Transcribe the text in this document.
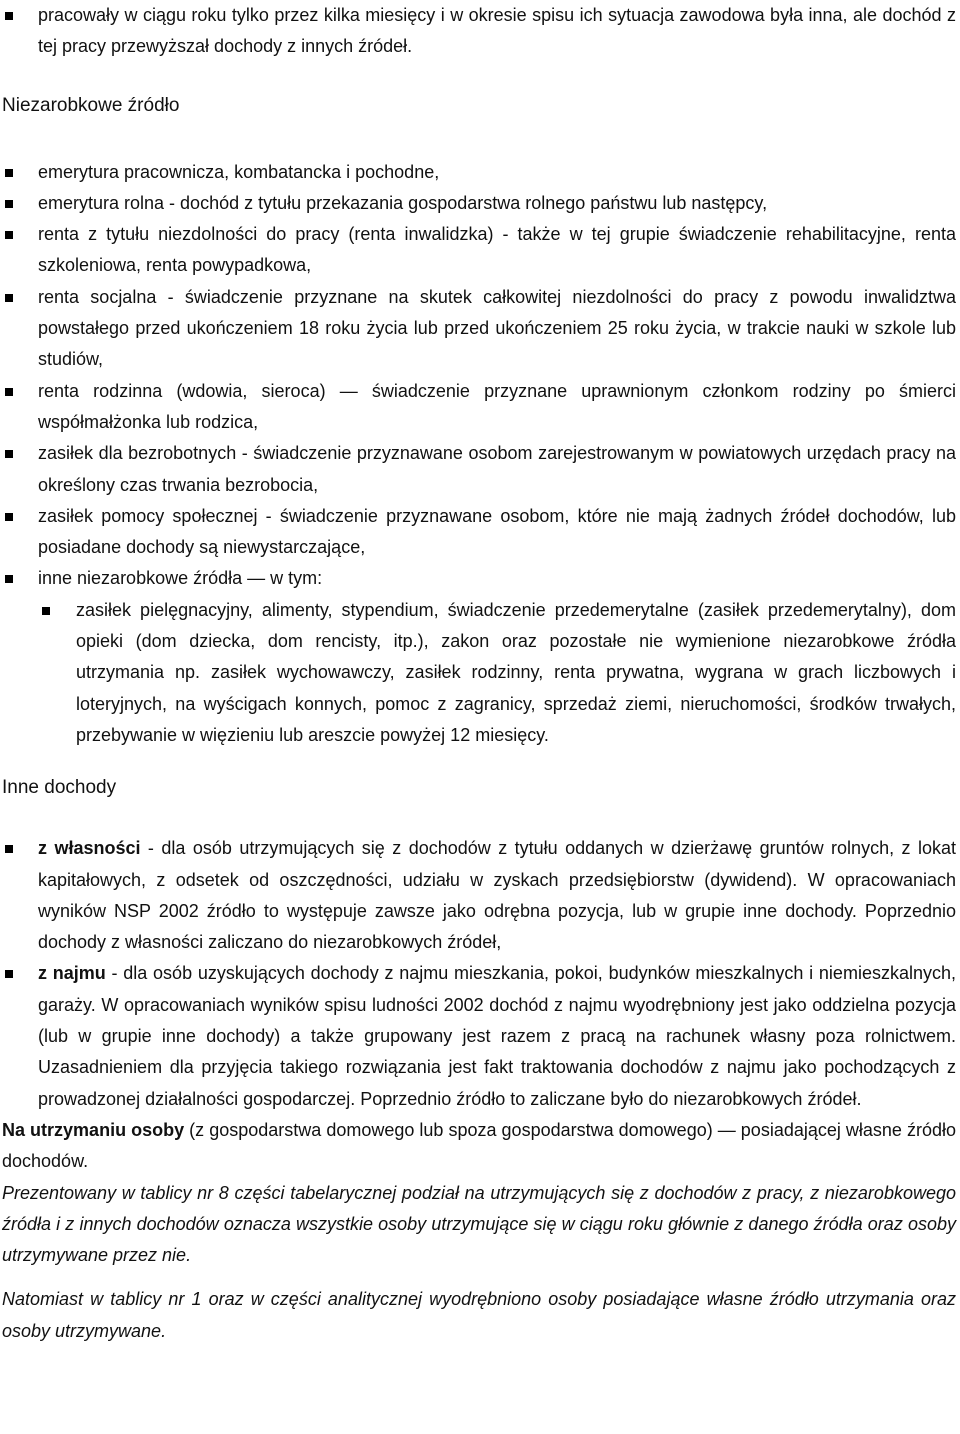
pracowały w ciągu roku tylko przez kilka miesięcy i w okresie spisu ich sytuacja zawodowa była inna, ale dochód z tej pracy przewyższał dochody z innych źródeł.
Niezarobkowe źródło
emerytura pracownicza, kombatancka i pochodne,
emerytura rolna - dochód z tytułu przekazania gospodarstwa rolnego państwu lub następcy,
renta z tytułu niezdolności do pracy (renta inwalidzka) - także w tej grupie świadczenie rehabilitacyjne, renta szkoleniowa, renta powypadkowa,
renta socjalna - świadczenie przyznane na skutek całkowitej niezdolności do pracy z powodu inwalidztwa powstałego przed ukończeniem 18 roku życia lub przed ukończeniem 25 roku życia, w trakcie nauki w szkole lub studiów,
renta rodzinna (wdowia, sieroca) — świadczenie przyznane uprawnionym członkom rodziny po śmierci współmałżonka lub rodzica,
zasiłek dla bezrobotnych - świadczenie przyznawane osobom zarejestrowanym w powiatowych urzędach pracy na określony czas trwania bezrobocia,
zasiłek pomocy społecznej - świadczenie przyznawane osobom, które nie mają żadnych źródeł dochodów, lub posiadane dochody są niewystarczające,
inne niezarobkowe źródła — w tym:
zasiłek pielęgnacyjny, alimenty, stypendium, świadczenie przedemerytalne (zasiłek przedemerytalny), dom opieki (dom dziecka, dom rencisty, itp.), zakon oraz pozostałe nie wymienione niezarobkowe źródła utrzymania np. zasiłek wychowawczy, zasiłek rodzinny, renta prywatna, wygrana w grach liczbowych i loteryjnych, na wyścigach konnych, pomoc z zagranicy, sprzedaż ziemi, nieruchomości, środków trwałych, przebywanie w więzieniu lub areszcie powyżej 12 miesięcy.
Inne dochody
z własności - dla osób utrzymujących się z dochodów z tytułu oddanych w dzierżawę gruntów rolnych, z lokat kapitałowych, z odsetek od oszczędności, udziału w zyskach przedsiębiorstw (dywidend). W opracowaniach wyników NSP 2002 źródło to występuje zawsze jako odrębna pozycja, lub w grupie inne dochody. Poprzednio dochody z własności zaliczano do niezarobkowych źródeł,
z najmu - dla osób uzyskujących dochody z najmu mieszkania, pokoi, budynków mieszkalnych i niemieszkalnych, garaży. W opracowaniach wyników spisu ludności 2002 dochód z najmu wyodrębniony jest jako oddzielna pozycja (lub w grupie inne dochody) a także grupowany jest razem z pracą na rachunek własny poza rolnictwem. Uzasadnieniem dla przyjęcia takiego rozwiązania jest fakt traktowania dochodów z najmu jako pochodzących z prowadzonej działalności gospodarczej. Poprzednio źródło to zaliczane było do niezarobkowych źródeł.

Na utrzymaniu osoby (z gospodarstwa domowego lub spoza gospodarstwa domowego) — posiadającej własne źródło dochodów.

Prezentowany w tablicy nr 8 części tabelarycznej podział na utrzymujących się z dochodów z pracy, z niezarobkowego źródła i z innych dochodów oznacza wszystkie osoby utrzymujące się w ciągu roku głównie z danego źródła oraz osoby utrzymywane przez nie.

Natomiast w tablicy nr 1 oraz w części analitycznej wyodrębniono osoby posiadające własne źródło utrzymania oraz osoby utrzymywane.
